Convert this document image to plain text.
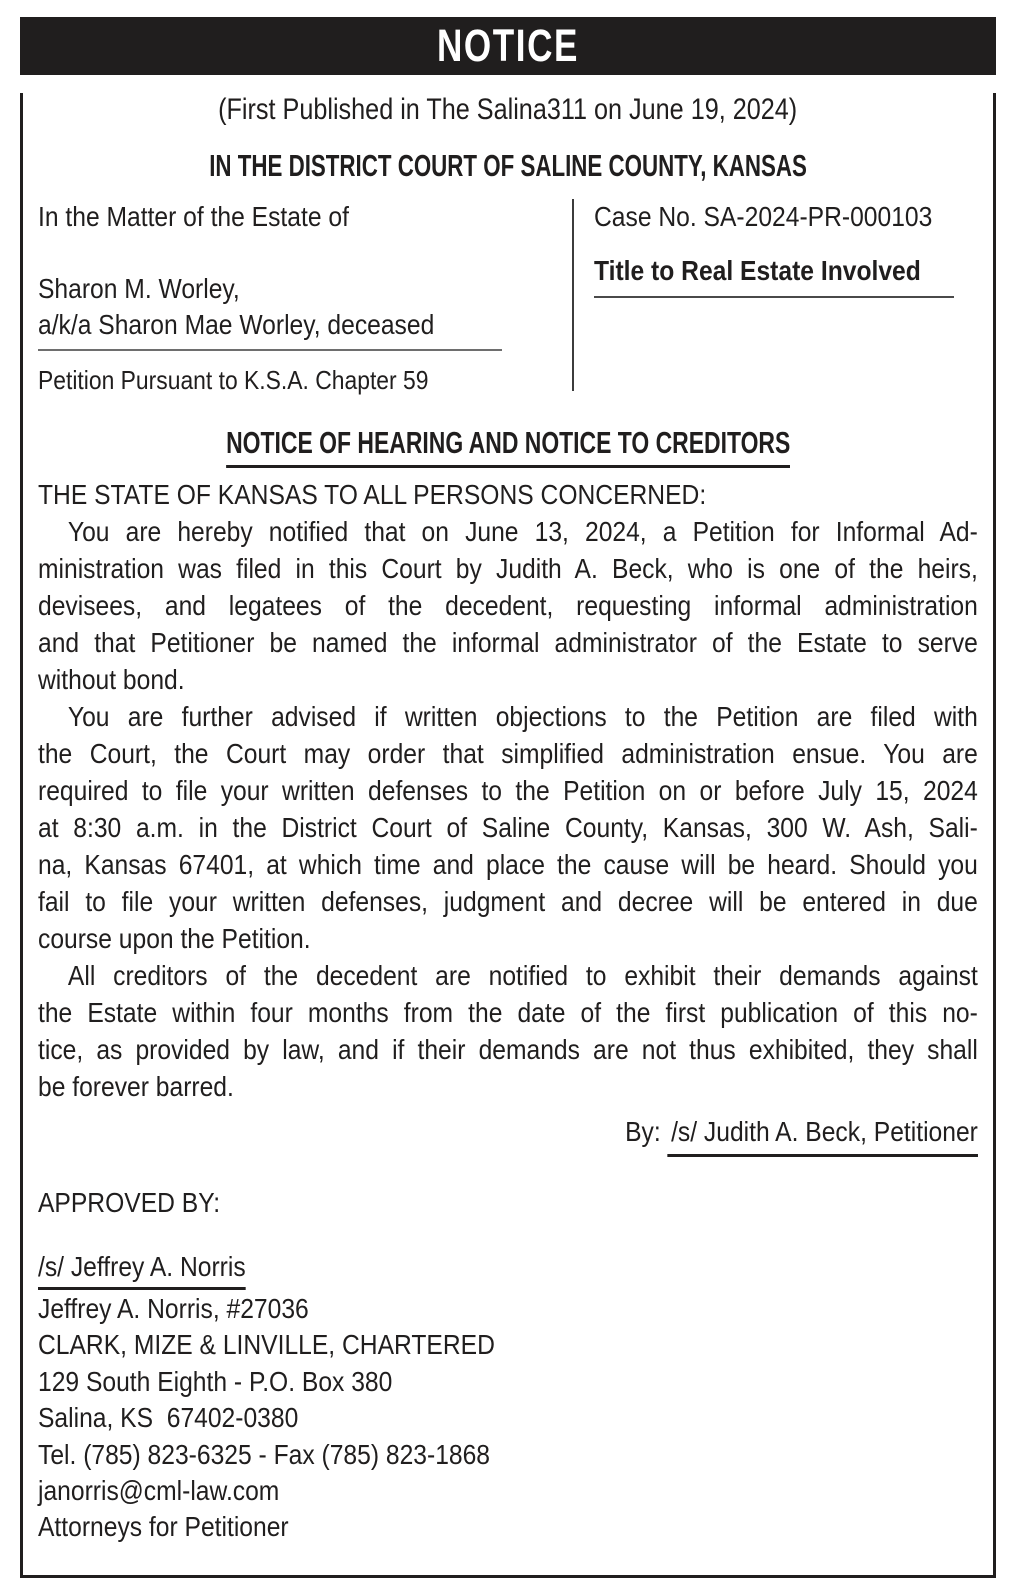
NOTICE
(First Published in The Salina311 on June 19, 2024)
IN THE DISTRICT COURT OF SALINE COUNTY, KANSAS
In the Matter of the Estate of
Sharon M. Worley,
a/k/a Sharon Mae Worley, deceased
Petition Pursuant to K.S.A. Chapter 59
Case No. SA-2024-PR-000103
Title to Real Estate Involved
NOTICE OF HEARING AND NOTICE TO CREDITORS
THE STATE OF KANSAS TO ALL PERSONS CONCERNED:
You are hereby notified that on June 13, 2024, a Petition for Informal Ad-
ministration was filed in this Court by Judith A. Beck, who is one of the heirs,
devisees, and legatees of the decedent, requesting informal administration
and that Petitioner be named the informal administrator of the Estate to serve
without bond.
You are further advised if written objections to the Petition are filed with
the Court, the Court may order that simplified administration ensue. You are
required to file your written defenses to the Petition on or before July 15, 2024
at 8:30 a.m. in the District Court of Saline County, Kansas, 300 W. Ash, Sali-
na, Kansas 67401, at which time and place the cause will be heard. Should you
fail to file your written defenses, judgment and decree will be entered in due
course upon the Petition.
All creditors of the decedent are notified to exhibit their demands against
the Estate within four months from the date of the first publication of this no-
tice, as provided by law, and if their demands are not thus exhibited, they shall
be forever barred.
By: /s/ Judith A. Beck, Petitioner
APPROVED BY:
/s/ Jeffrey A. Norris
Jeffrey A. Norris, #27036
CLARK, MIZE & LINVILLE, CHARTERED
129 South Eighth - P.O. Box 380
Salina, KS  67402-0380
Tel. (785) 823-6325 - Fax (785) 823-1868
janorris@cml-law.com
Attorneys for Petitioner
